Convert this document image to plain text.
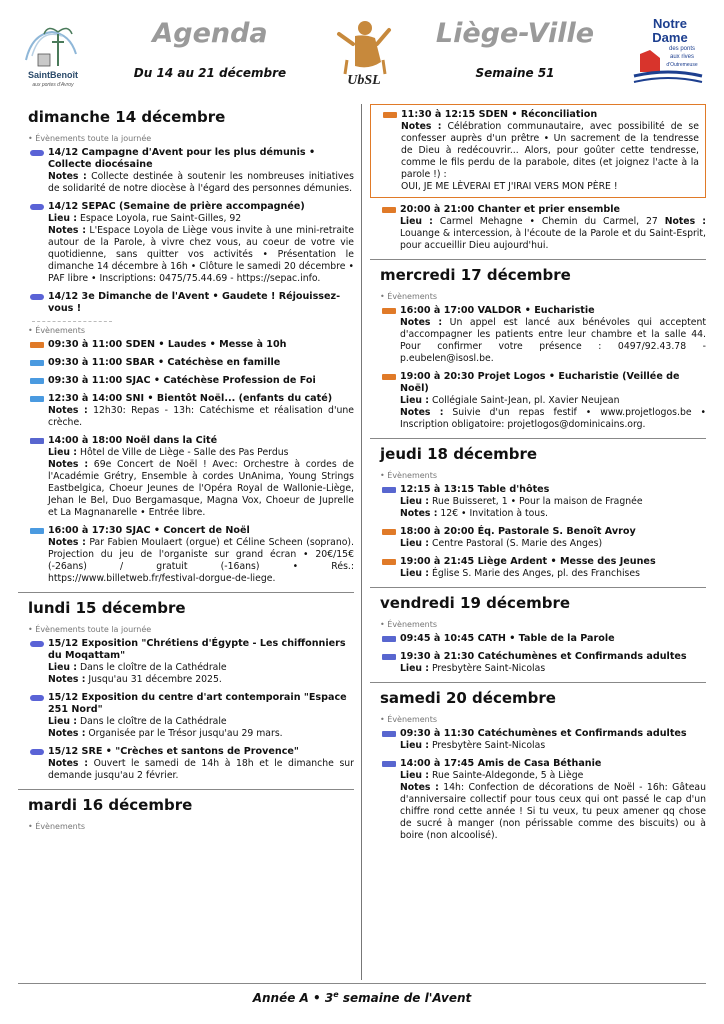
SaintBenoît
aux portes d'Avroy
Agenda
Du 14 au 21 décembre	UbSL
Liège-Ville
Semaine 51
Notre
Dame
des ponts
aux rives
d'Outremeuse
dimanche 14 décembre
• Évènements toute la journée
14/12 Campagne d'Avent pour les plus démunis • Collecte diocésaine
Notes : Collecte destinée à soutenir les nombreuses initiatives de solidarité de notre diocèse à l'égard des personnes démunies.
14/12 SEPAC (Semaine de prière accompagnée)
Lieu : Espace Loyola, rue Saint-Gilles, 92
Notes : L'Espace Loyola de Liège vous invite à une mini-retraite autour de la Parole, à vivre chez vous, au coeur de votre vie quotidienne, sans quitter vos activités • Présentation le dimanche 14 décembre à 16h • Clôture le samedi 20 décembre • PAF libre • Inscriptions: 0475/75.44.69 - https://sepac.info.
14/12 3e Dimanche de l'Avent • Gaudete ! Réjouissez-vous !
• Évènements
09:30 à 11:00 SDEN • Laudes • Messe à 10h
09:30 à 11:00 SBAR • Catéchèse en famille
09:30 à 11:00 SJAC • Catéchèse Profession de Foi
12:30 à 14:00 SNI • Bientôt Noël... (enfants du caté)
Notes : 12h30: Repas - 13h: Catéchisme et réalisation d'une crèche.
14:00 à 18:00 Noël dans la Cité
Lieu : Hôtel de Ville de Liège - Salle des Pas Perdus
Notes : 69e Concert de Noël ! Avec: Orchestre à cordes de l'Académie Grétry, Ensemble à cordes UnAnima, Young Strings Eastbelgica, Choeur Jeunes de l'Opéra Royal de Wallonie-Liège, Jehan le Bel, Duo Bergamasque, Magna Vox, Choeur de Juprelle et La Magnanarelle • Entrée libre.
16:00 à 17:30 SJAC • Concert de Noël
Notes : Par Fabien Moulaert (orgue) et Céline Scheen (soprano). Projection du jeu de l'organiste sur grand écran • 20€/15€ (-26ans) / gratuit (-16ans) • Rés.: https://www.billetweb.fr/festival-dorgue-de-liege.
lundi 15 décembre
• Évènements toute la journée
15/12 Exposition "Chrétiens d'Égypte - Les chiffonniers du Moqattam"
Lieu : Dans le cloître de la Cathédrale
Notes : Jusqu'au 31 décembre 2025.
15/12 Exposition du centre d'art contemporain "Espace 251 Nord"
Lieu : Dans le cloître de la Cathédrale
Notes : Organisée par le Trésor jusqu'au 29 mars.
15/12 SRE • "Crèches et santons de Provence"
Notes : Ouvert le samedi de 14h à 18h et le dimanche sur demande jusqu'au 2 février.
mardi 16 décembre
• Évènements
11:30 à 12:15 SDEN • Réconciliation
Notes : Célébration communautaire, avec possibilité de se confesser auprès d'un prêtre • Un sacrement de la tendresse de Dieu à redécouvrir... Alors, pour goûter cette tendresse, comme le fils perdu de la parabole, dites (et joignez l'acte à la parole !) :
OUI, JE ME LÈVERAI ET J'IRAI VERS MON PÈRE !
20:00 à 21:00 Chanter et prier ensemble
Lieu : Carmel Mehagne • Chemin du Carmel, 27 Notes : Louange & intercession, à l'écoute de la Parole et du Saint-Esprit, pour accueillir Dieu aujourd'hui.
mercredi 17 décembre
• Évènements
16:00 à 17:00 VALDOR • Eucharistie
Notes : Un appel est lancé aux bénévoles qui acceptent d'accompagner les patients entre leur chambre et la salle 44. Pour confirmer votre présence : 0497/92.43.78 - p.eubelen@isosl.be.
19:00 à 20:30 Projet Logos • Eucharistie (Veillée de Noël)
Lieu : Collégiale Saint-Jean, pl. Xavier Neujean
Notes : Suivie d'un repas festif • www.projetlogos.be • Inscription obligatoire: projetlogos@dominicains.org.
jeudi 18 décembre
• Évènements
12:15 à 13:15 Table d'hôtes
Lieu : Rue Buisseret, 1 • Pour la maison de Fragnée
Notes : 12€ • Invitation à tous.
18:00 à 20:00 Éq. Pastorale S. Benoît Avroy
Lieu : Centre Pastoral (S. Marie des Anges)
19:00 à 21:45 Liège Ardent • Messe des Jeunes
Lieu : Église S. Marie des Anges, pl. des Franchises
vendredi 19 décembre
• Évènements
09:45 à 10:45 CATH • Table de la Parole
19:30 à 21:30 Catéchumènes et Confirmands adultes
Lieu : Presbytère Saint-Nicolas
samedi 20 décembre
• Évènements
09:30 à 11:30 Catéchumènes et Confirmands adultes
Lieu : Presbytère Saint-Nicolas
14:00 à 17:45 Amis de Casa Béthanie
Lieu : Rue Sainte-Aldegonde, 5 à Liège
Notes : 14h: Confection de décorations de Noël - 16h: Gâteau d'anniversaire collectif pour tous ceux qui ont passé le cap d'un chiffre rond cette année ! Si tu veux, tu peux amener qq chose de sucré à manger (non périssable comme des biscuits) ou à boire (non alcoolisé).
Année A • 3e semaine de l'Avent
